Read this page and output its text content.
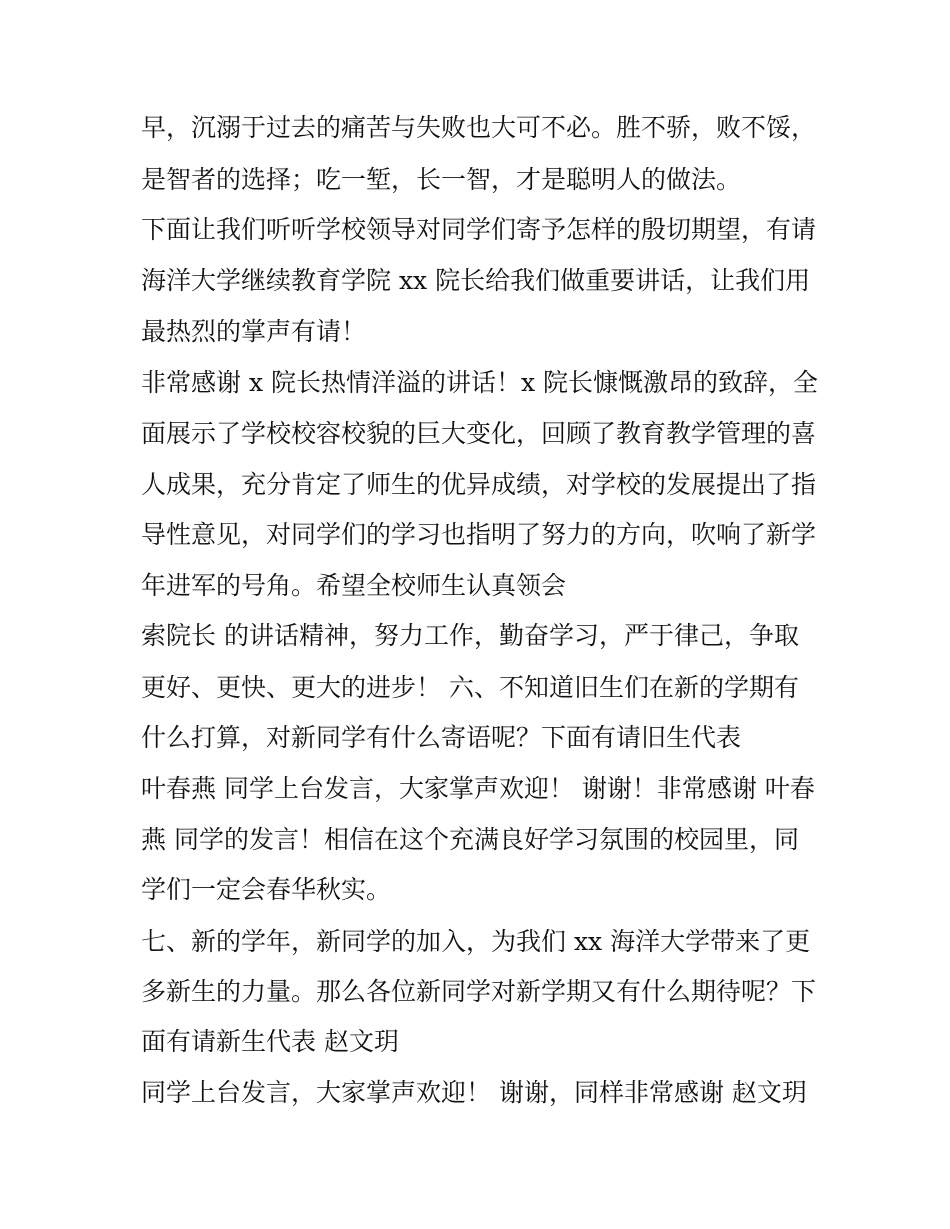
早，沉溺于过去的痛苦与失败也大可不必。胜不骄，败不馁，
是智者的选择；吃一堑，长一智，才是聪明人的做法。
下面让我们听听学校领导对同学们寄予怎样的殷切期望，有请
海洋大学继续教育学院 xx 院长给我们做重要讲话，让我们用
最热烈的掌声有请！
非常感谢 x 院长热情洋溢的讲话！x 院长慷慨激昂的致辞，全
面展示了学校校容校貌的巨大变化，回顾了教育教学管理的喜
人成果，充分肯定了师生的优异成绩，对学校的发展提出了指
导性意见，对同学们的学习也指明了努力的方向，吹响了新学
年进军的号角。希望全校师生认真领会
索院长 的讲话精神，努力工作，勤奋学习，严于律己，争取
更好、更快、更大的进步！ 六、不知道旧生们在新的学期有
什么打算，对新同学有什么寄语呢？下面有请旧生代表
叶春燕 同学上台发言，大家掌声欢迎！ 谢谢！非常感谢 叶春
燕 同学的发言！相信在这个充满良好学习氛围的校园里，同
学们一定会春华秋实。
七、新的学年，新同学的加入，为我们 xx 海洋大学带来了更
多新生的力量。那么各位新同学对新学期又有什么期待呢？下
面有请新生代表 赵文玥
同学上台发言，大家掌声欢迎！ 谢谢，同样非常感谢 赵文玥
